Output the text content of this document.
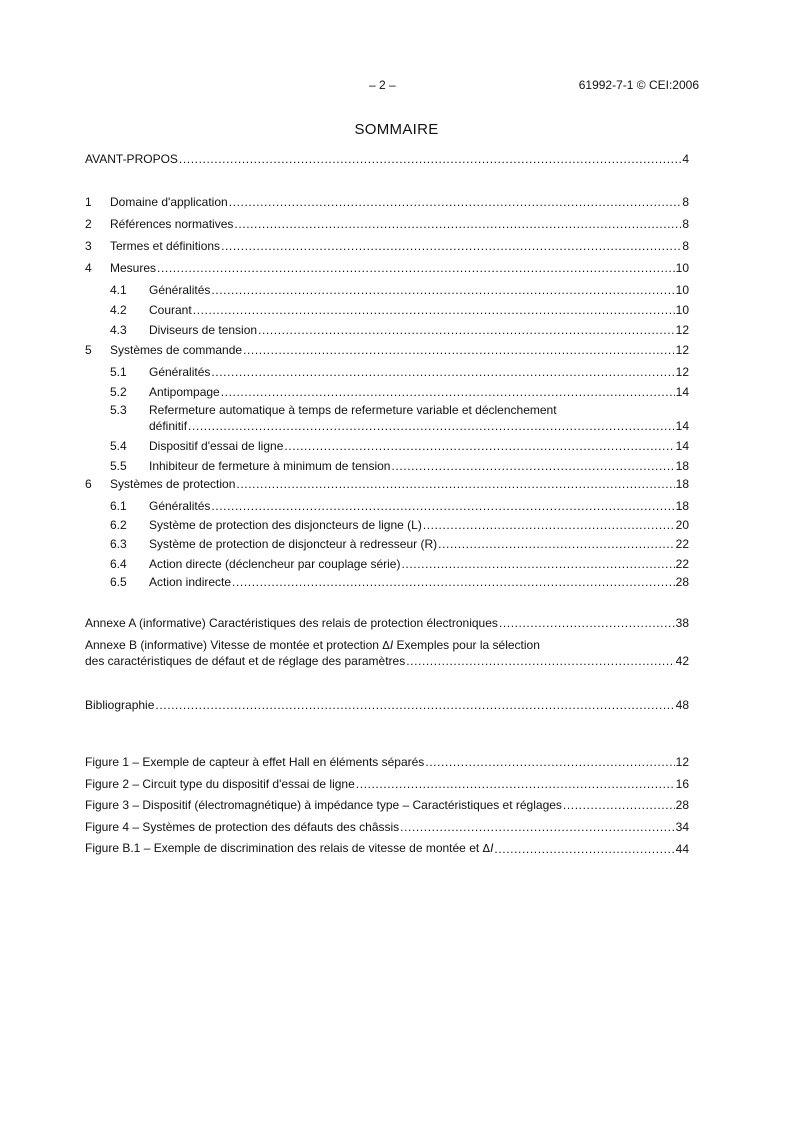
– 2 –	61992-7-1 © CEI:2006
SOMMAIRE
AVANT-PROPOS .....	4
1	Domaine d'application .....	8
2	Références normatives .....	8
3	Termes et définitions .....	8
4	Mesures .....	10
4.1	Généralités .....	10
4.2	Courant .....	10
4.3	Diviseurs de tension .....	12
5	Systèmes de commande .....	12
5.1	Généralités .....	12
5.2	Antipompage .....	14
5.3 Refermeture automatique à temps de refermeture variable et déclenchement
définitif .....	14
5.4	Dispositif d'essai de ligne .....	14
5.5	Inhibiteur de fermeture à minimum de tension .....	18
6	Systèmes de protection .....	18
6.1	Généralités .....	18
6.2	Système de protection des disjoncteurs de ligne (L) .....	20
6.3	Système de protection de disjoncteur à redresseur (R) .....	22
6.4	Action directe (déclencheur par couplage série) .....	22
6.5	Action indirecte .....	28
Annexe A (informative) Caractéristiques des relais de protection électroniques .....	38
Annexe B (informative) Vitesse de montée et protection ΔI Exemples pour la sélection
des caractéristiques de défaut et de réglage des paramètres .....	42
Bibliographie .....	48
Figure 1 – Exemple de capteur à effet Hall en éléments séparés .....	12
Figure 2 – Circuit type du dispositif d'essai de ligne .....	16
Figure 3 – Dispositif (électromagnétique) à impédance type – Caractéristiques et réglages .....	28
Figure 4 – Systèmes de protection des défauts des châssis .....	34
Figure B.1 – Exemple de discrimination des relais de vitesse de montée et ΔI .....	44
